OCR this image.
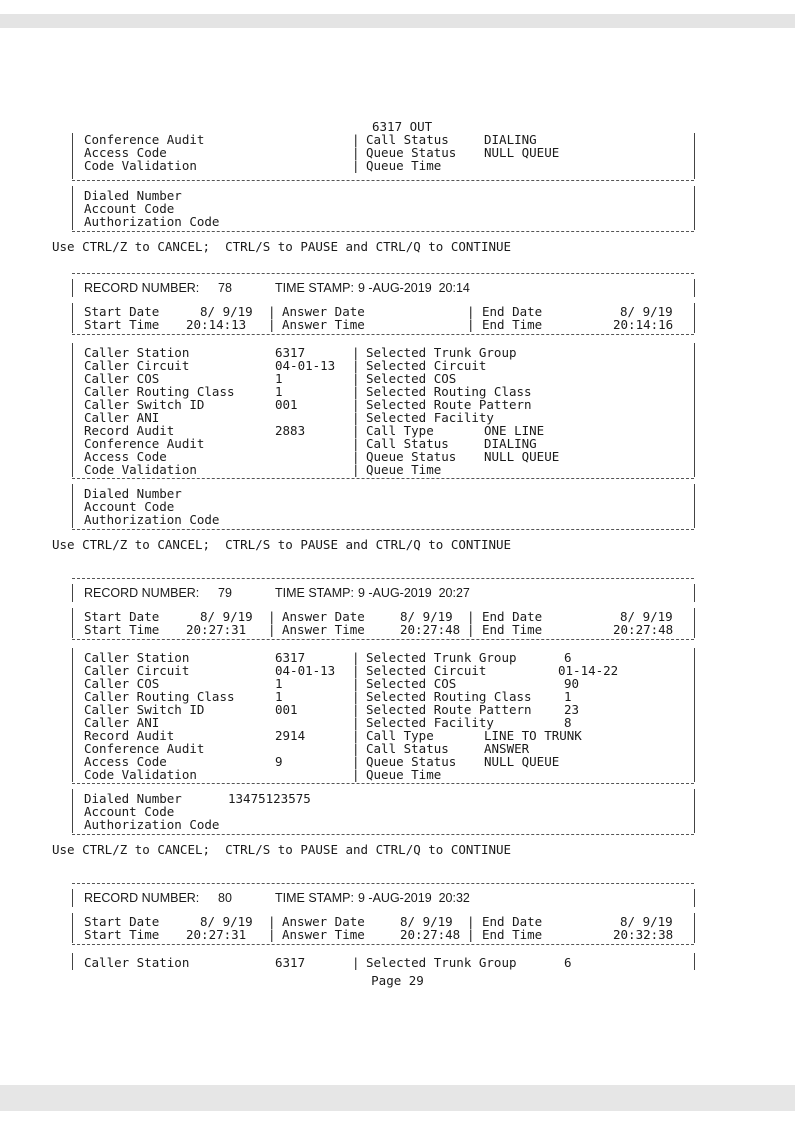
6317 OUT
Conference Audit	| Call Status	DIALING
Access Code	| Queue Status NULL QUEUE
Code Validation	| Queue Time
Dialed Number
Account Code
Authorization Code
Use CTRL/Z to CANCEL;  CTRL/S to PAUSE and CTRL/Q to CONTINUE
RECORD NUMBER: 78	TIME STAMP: 9 -AUG-2019  20:14
Start Date	8/ 9/19 | Answer Date	| End Date	8/ 9/19
Start Time 20:14:13 | Answer Time	| End Time	20:14:16
Caller Station	6317	| Selected Trunk Group
Caller Circuit	04-01-13 | Selected Circuit
Caller COS	1	| Selected COS
Caller Routing Class	1	| Selected Routing Class
Caller Switch ID	001	| Selected Route Pattern
Caller ANI	| Selected Facility
Record Audit	2883	| Call Type	ONE LINE
Conference Audit	| Call Status	DIALING
Access Code	| Queue Status NULL QUEUE
Code Validation	| Queue Time
Dialed Number
Account Code
Authorization Code
Use CTRL/Z to CANCEL;  CTRL/S to PAUSE and CTRL/Q to CONTINUE
RECORD NUMBER: 79	TIME STAMP: 9 -AUG-2019  20:27
Start Date	8/ 9/19 | Answer Date	8/ 9/19 | End Date	8/ 9/19
Start Time 20:27:31 | Answer Time	20:27:48 | End Time	20:27:48
Caller Station	6317	| Selected Trunk Group	6
Caller Circuit	04-01-13 | Selected Circuit	01-14-22
Caller COS	1	| Selected COS	90
Caller Routing Class	1	| Selected Routing Class	1
Caller Switch ID	001	| Selected Route Pattern	23
Caller ANI	| Selected Facility	8
Record Audit	2914	| Call Type	LINE TO TRUNK
Conference Audit	| Call Status	ANSWER
Access Code	9	| Queue Status NULL QUEUE
Code Validation	| Queue Time
Dialed Number	13475123575
Account Code
Authorization Code
Use CTRL/Z to CANCEL;  CTRL/S to PAUSE and CTRL/Q to CONTINUE
RECORD NUMBER: 80	TIME STAMP: 9 -AUG-2019  20:32
Start Date	8/ 9/19 | Answer Date	8/ 9/19 | End Date	8/ 9/19
Start Time 20:27:31 | Answer Time	20:27:48 | End Time	20:32:38
Caller Station	6317	| Selected Trunk Group	6
Page 29
